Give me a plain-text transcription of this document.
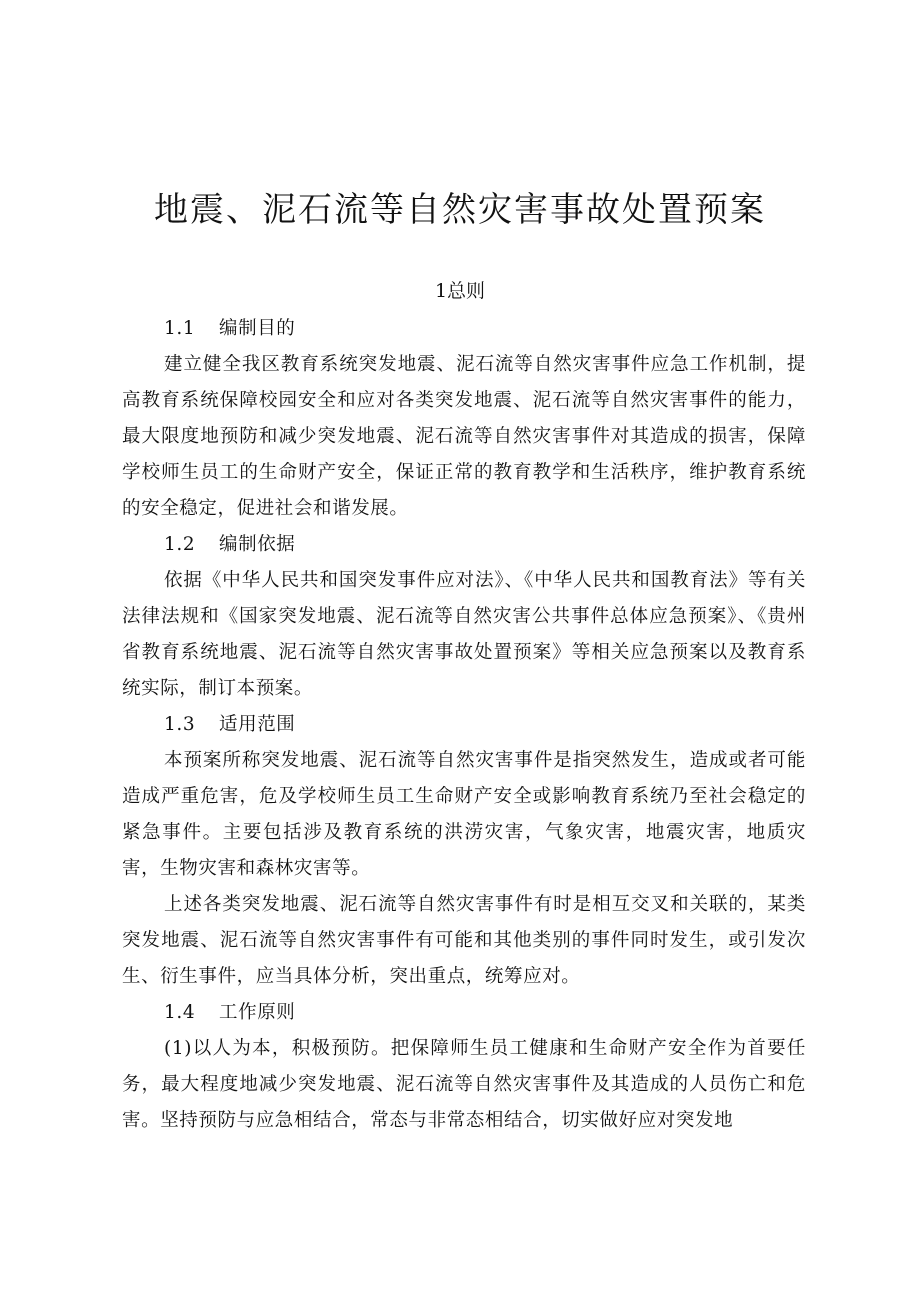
地震、泥石流等自然灾害事故处置预案
1总则

1.1 编制目的

建立健全我区教育系统突发地震、泥石流等自然灾害事件应急工作机制，提高教育系统保障校园安全和应对各类突发地震、泥石流等自然灾害事件的能力，最大限度地预防和减少突发地震、泥石流等自然灾害事件对其造成的损害，保障学校师生员工的生命财产安全，保证正常的教育教学和生活秩序，维护教育系统的安全稳定，促进社会和谐发展。

1.2 编制依据

依据《中华人民共和国突发事件应对法》、《中华人民共和国教育法》等有关法律法规和《国家突发地震、泥石流等自然灾害公共事件总体应急预案》、《贵州省教育系统地震、泥石流等自然灾害事故处置预案》等相关应急预案以及教育系统实际，制订本预案。

1.3 适用范围

本预案所称突发地震、泥石流等自然灾害事件是指突然发生，造成或者可能造成严重危害，危及学校师生员工生命财产安全或影响教育系统乃至社会稳定的紧急事件。主要包括涉及教育系统的洪涝灾害，气象灾害，地震灾害，地质灾害，生物灾害和森林灾害等。

上述各类突发地震、泥石流等自然灾害事件有时是相互交叉和关联的，某类突发地震、泥石流等自然灾害事件有可能和其他类别的事件同时发生，或引发次生、衍生事件，应当具体分析，突出重点，统筹应对。

1.4 工作原则

(1)以人为本，积极预防。把保障师生员工健康和生命财产安全作为首要任务，最大程度地减少突发地震、泥石流等自然灾害事件及其造成的人员伤亡和危害。坚持预防与应急相结合，常态与非常态相结合，切实做好应对突发地
